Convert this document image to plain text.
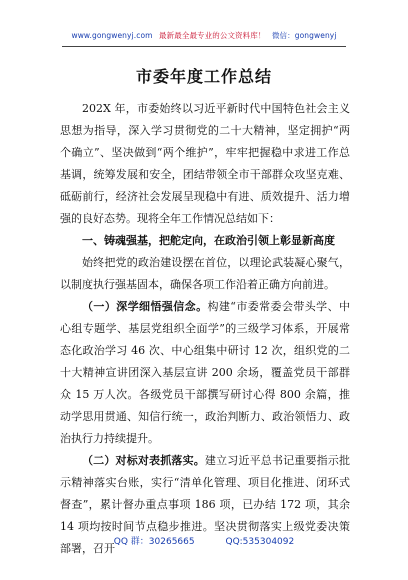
www.gongwenyj.com 最新最全最专业的公文资料库！ 微信：gongwenyj
市委年度工作总结

202X 年，市委始终以习近平新时代中国特色社会主义思想为指导，深入学习贯彻党的二十大精神，坚定拥护“两个确立”、坚决做到“两个维护”，牢牢把握稳中求进工作总基调，统筹发展和安全，团结带领全市干部群众攻坚克难、砥砺前行，经济社会发展呈现稳中有进、质效提升、活力增强的良好态势。现将全年工作情况总结如下：

一、铸魂强基，把舵定向，在政治引领上彰显新高度

始终把党的政治建设摆在首位，以理论武装凝心聚气，以制度执行强基固本，确保各项工作沿着正确方向前进。

（一）深学细悟强信念。构建“市委常委会带头学、中心组专题学、基层党组织全面学”的三级学习体系，开展常态化政治学习 46 次、中心组集中研讨 12 次，组织党的二十大精神宣讲团深入基层宣讲 200 余场，覆盖党员干部群众 15 万人次。各级党员干部撰写研讨心得 800 余篇，推动学思用贯通、知信行统一，政治判断力、政治领悟力、政治执行力持续提升。

（二）对标对表抓落实。建立习近平总书记重要指示批示精神落实台账，实行“清单化管理、项目化推进、闭环式督查”，累计督办重点事项 186 项，已办结 172 项，其余 14 项均按时间节点稳步推进。坚决贯彻落实上级党委决策部署，召开

QQ 群：30265665	QQ:535304092
